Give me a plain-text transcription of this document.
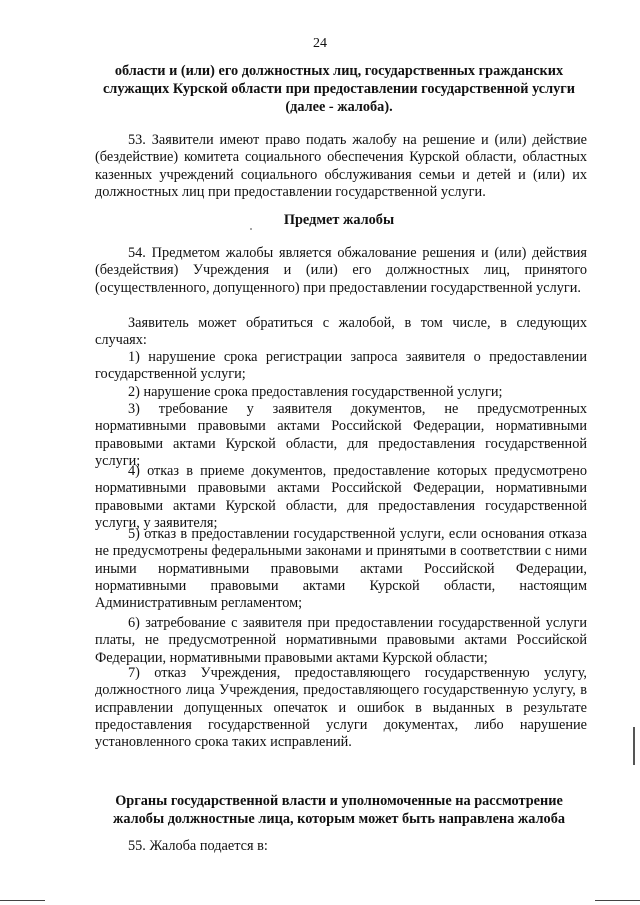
24
области и (или) его должностных лиц, государственных гражданских служащих Курской области при предоставлении государственной услуги (далее - жалоба).
53. Заявители имеют право подать жалобу на решение и (или) действие (бездействие) комитета социального обеспечения Курской области, областных казенных учреждений социального обслуживания семьи и детей и (или) их должностных лиц при предоставлении государственной услуги.
Предмет жалобы
54. Предметом жалобы является обжалование решения и (или) действия (бездействия) Учреждения и (или) его должностных лиц, принятого (осуществленного, допущенного) при предоставлении государственной услуги.
Заявитель может обратиться с жалобой, в том числе, в следующих случаях:
1) нарушение срока регистрации запроса заявителя о предоставлении государственной услуги;
2) нарушение срока предоставления государственной услуги;
3) требование у заявителя документов, не предусмотренных нормативными правовыми актами Российской Федерации, нормативными правовыми актами Курской области, для предоставления государственной услуги;
4) отказ в приеме документов, предоставление которых предусмотрено нормативными правовыми актами Российской Федерации, нормативными правовыми актами Курской области, для предоставления государственной услуги, у заявителя;
5) отказ в предоставлении государственной услуги, если основания отказа не предусмотрены федеральными законами и принятыми в соответствии с ними иными нормативными правовыми актами Российской Федерации, нормативными правовыми актами Курской области, настоящим Административным регламентом;
6) затребование с заявителя при предоставлении государственной услуги платы, не предусмотренной нормативными правовыми актами Российской Федерации, нормативными правовыми актами Курской области;
7) отказ Учреждения, предоставляющего государственную услугу, должностного лица Учреждения, предоставляющего государственную услугу, в исправлении допущенных опечаток и ошибок в выданных в результате предоставления государственной услуги документах, либо нарушение установленного срока таких исправлений.
Органы государственной власти и уполномоченные на рассмотрение жалобы должностные лица, которым может быть направлена жалоба
55. Жалоба подается в:
